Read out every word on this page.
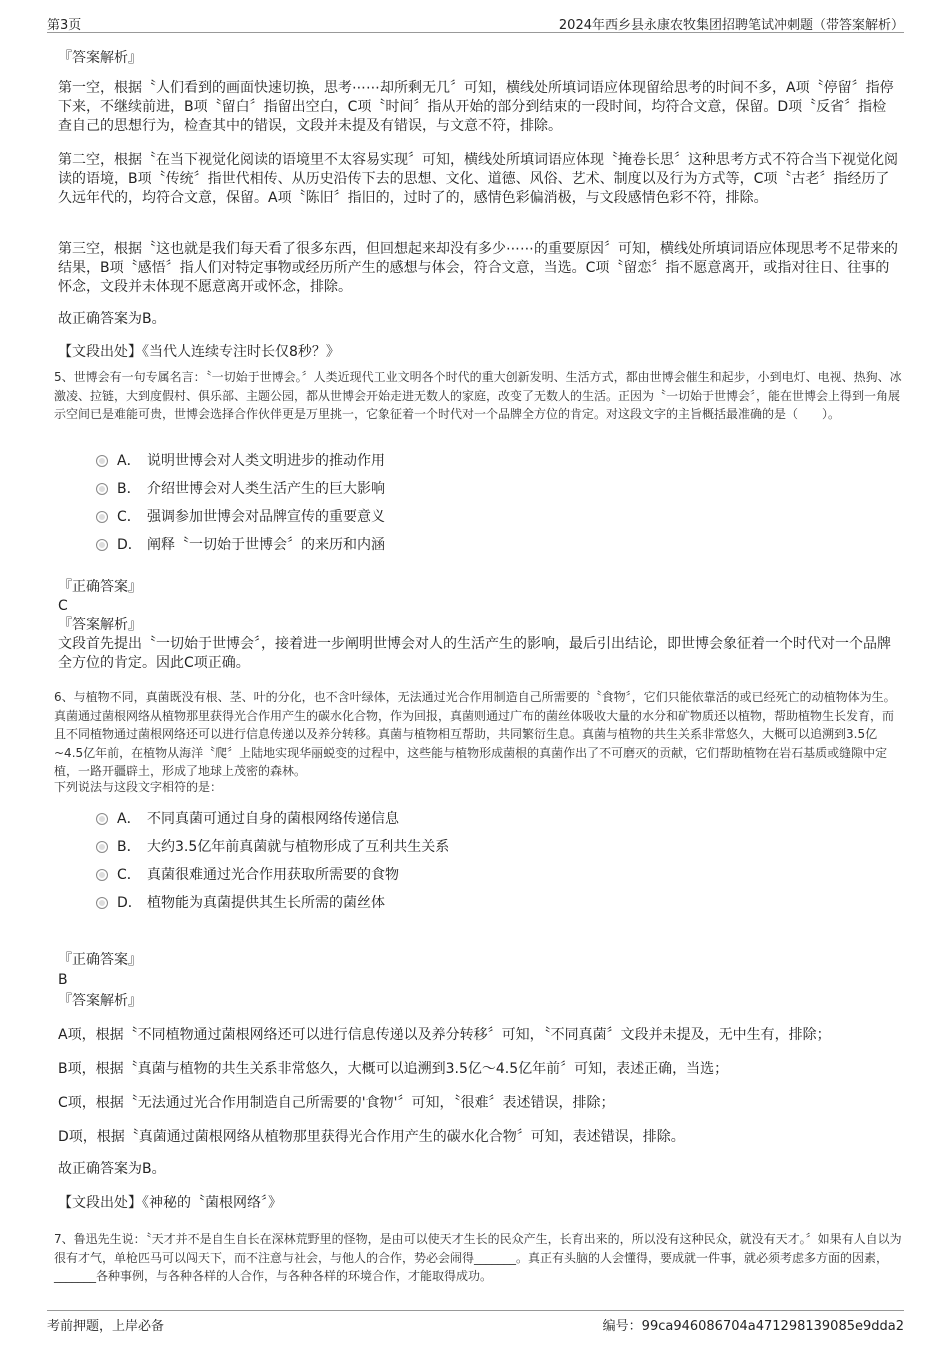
第3页	2024年西乡县永康农牧集团招聘笔试冲刺题（带答案解析）

『答案解析』

第一空，根据〝人们看到的画面快速切换，思考⋯⋯却所剩无几〞可知，横线处所填词语应体现留给思考的时间不多，A项〝停留〞指停下来，不继续前进，B项〝留白〞指留出空白，C项〝时间〞指从开始的部分到结束的一段时间，均符合文意，保留。D项〝反省〞指检查自己的思想行为，检查其中的错误，文段并未提及有错误，与文意不符，排除。

第二空，根据〝在当下视觉化阅读的语境里不太容易实现〞可知，横线处所填词语应体现〝掩卷长思〞这种思考方式不符合当下视觉化阅读的语境，B项〝传统〞指世代相传、从历史沿传下去的思想、文化、道德、风俗、艺术、制度以及行为方式等，C项〝古老〞指经历了久远年代的，均符合文意，保留。A项〝陈旧〞指旧的，过时了的，感情色彩偏消极，与文段感情色彩不符，排除。

第三空，根据〝这也就是我们每天看了很多东西，但回想起来却没有多少⋯⋯的重要原因〞可知，横线处所填词语应体现思考不足带来的结果，B项〝感悟〞指人们对特定事物或经历所产生的感想与体会，符合文意，当选。C项〝留恋〞指不愿意离开，或指对往日、往事的怀念，文段并未体现不愿意离开或怀念，排除。

故正确答案为B。

【文段出处】《当代人连续专注时长仅8秒？》

5、世博会有一句专属名言：〝一切始于世博会。〞人类近现代工业文明各个时代的重大创新发明、生活方式，都由世博会催生和起步，小到电灯、电视、热狗、冰激凌、拉链，大到度假村、俱乐部、主题公园，都从世博会开始走进无数人的家庭，改变了无数人的生活。正因为〝一切始于世博会〞，能在世博会上得到一角展示空间已是难能可贵，世博会选择合作伙伴更是万里挑一，它象征着一个时代对一个品牌全方位的肯定。对这段文字的主旨概括最准确的是（　　）。

A． 说明世博会对人类文明进步的推动作用
B． 介绍世博会对人类生活产生的巨大影响
C． 强调参加世博会对品牌宣传的重要意义
D． 阐释〝一切始于世博会〞的来历和内涵

『正确答案』

C

『答案解析』

文段首先提出〝一切始于世博会〞，接着进一步阐明世博会对人的生活产生的影响，最后引出结论，即世博会象征着一个时代对一个品牌全方位的肯定。因此C项正确。

6、与植物不同，真菌既没有根、茎、叶的分化，也不含叶绿体，无法通过光合作用制造自己所需要的〝食物〞，它们只能依靠活的或已经死亡的动植物体为生。真菌通过菌根网络从植物那里获得光合作用产生的碳水化合物，作为回报，真菌则通过广布的菌丝体吸收大量的水分和矿物质还以植物，帮助植物生长发育，而且不同植物通过菌根网络还可以进行信息传递以及养分转移。真菌与植物相互帮助，共同繁衍生息。真菌与植物的共生关系非常悠久，大概可以追溯到3.5亿~4.5亿年前，在植物从海洋〝爬〞上陆地实现华丽蜕变的过程中，这些能与植物形成菌根的真菌作出了不可磨灭的贡献，它们帮助植物在岩石基质或缝隙中定植，一路开疆辟土，形成了地球上茂密的森林。

下列说法与这段文字相符的是：

A． 不同真菌可通过自身的菌根网络传递信息
B． 大约3.5亿年前真菌就与植物形成了互利共生关系
C． 真菌很难通过光合作用获取所需要的食物
D． 植物能为真菌提供其生长所需的菌丝体

『正确答案』

B

『答案解析』

A项，根据〝不同植物通过菌根网络还可以进行信息传递以及养分转移〞可知，〝不同真菌〞文段并未提及，无中生有，排除；

B项，根据〝真菌与植物的共生关系非常悠久，大概可以追溯到3.5亿～4.5亿年前〞可知，表述正确，当选；

C项，根据〝无法通过光合作用制造自己所需要的'食物'〞可知，〝很难〞表述错误，排除；

D项，根据〝真菌通过菌根网络从植物那里获得光合作用产生的碳水化合物〞可知，表述错误，排除。

故正确答案为B。

【文段出处】《神秘的〝菌根网络〞》

7、鲁迅先生说：〝天才并不是自生自长在深林荒野里的怪物，是由可以使天才生长的民众产生，长育出来的，所以没有这种民众，就没有天才。〞如果有人自以为很有才气，单枪匹马可以闯天下，而不注意与社会，与他人的合作，势必会闹得_______。真正有头脑的人会懂得，要成就一件事，就必须考虑多方面的因素，_______各种事例，与各种各样的人合作，与各种各样的环境合作，才能取得成功。

考前押题，上岸必备	编号：99ca946086704a471298139085e9dda2
